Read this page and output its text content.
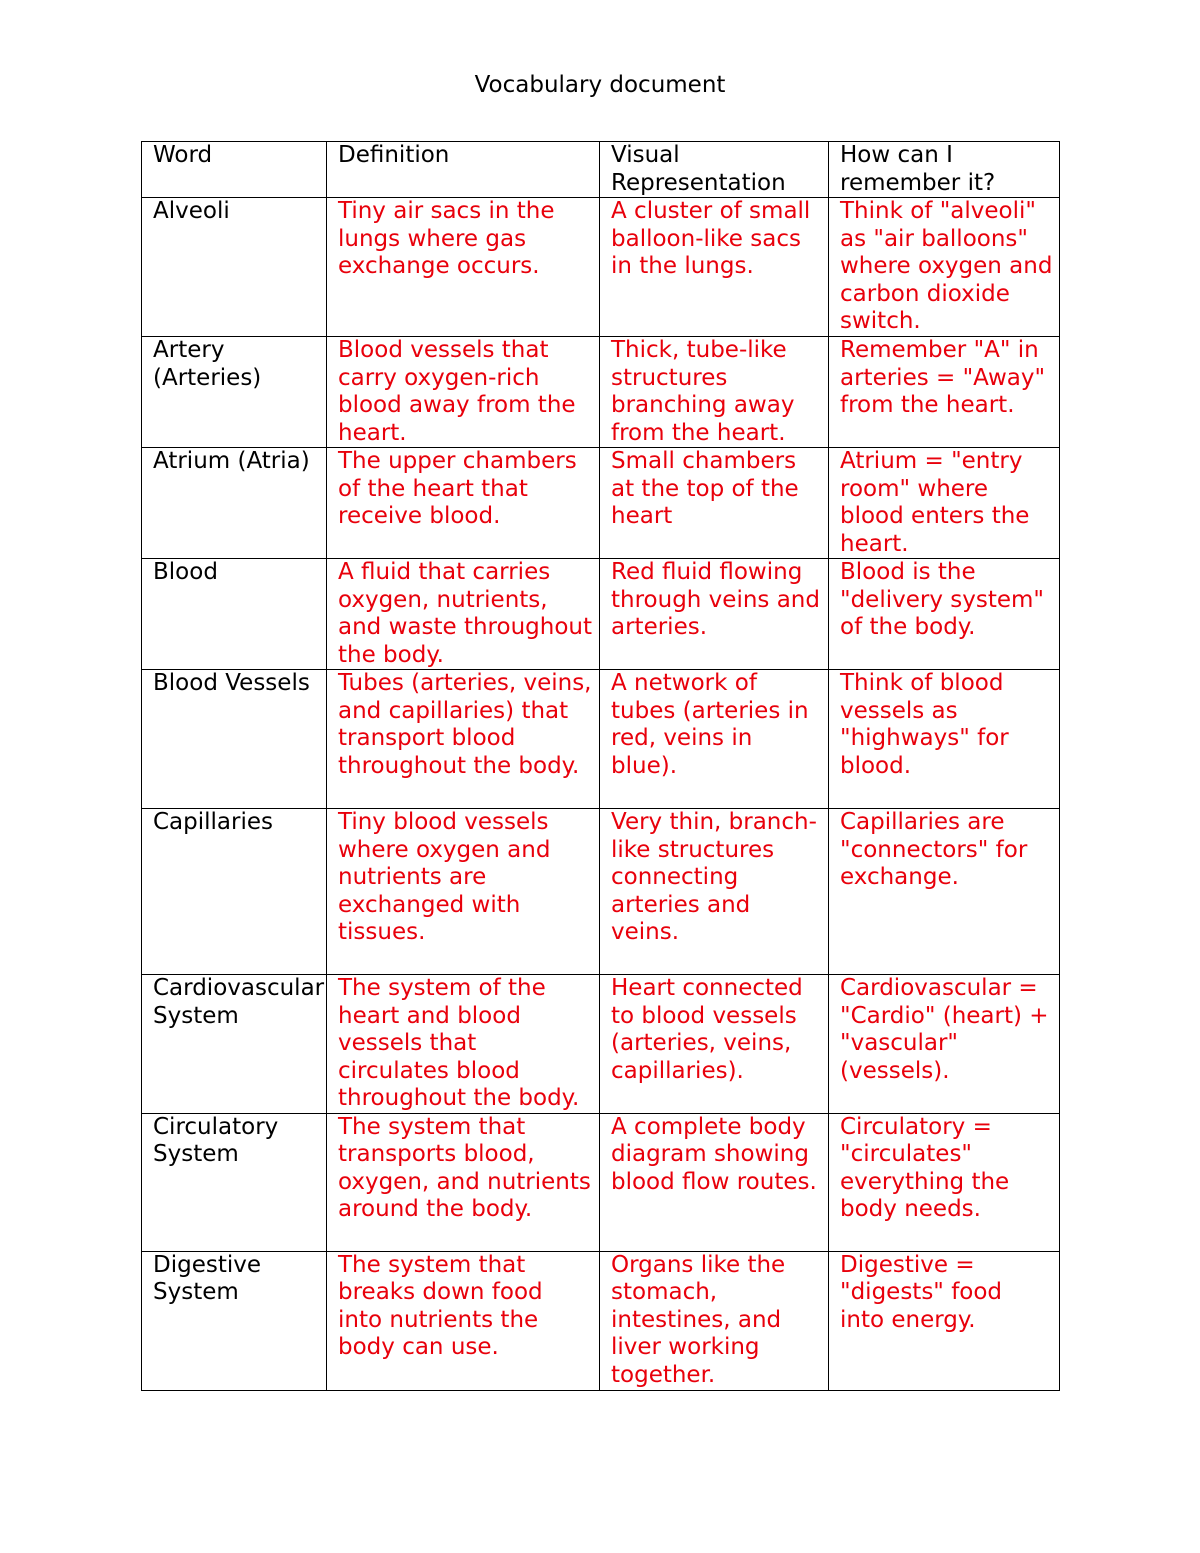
Vocabulary document
Word	Definition	Visual Representation	How can I remember it?
Alveoli	Tiny air sacs in the lungs where gas exchange occurs.	A cluster of small balloon-like sacs in the lungs.	Think of "alveoli" as "air balloons" where oxygen and carbon dioxide switch.
Artery (Arteries)	Blood vessels that carry oxygen-rich blood away from the heart.	Thick, tube-like structures branching away from the heart.	Remember "A" in arteries = "Away" from the heart.
Atrium (Atria)	The upper chambers of the heart that receive blood.	Small chambers at the top of the heart	Atrium = "entry room" where blood enters the heart.
Blood	A fluid that carries oxygen, nutrients, and waste throughout the body.	Red fluid flowing through veins and arteries.	Blood is the "delivery system" of the body.
Blood Vessels	Tubes (arteries, veins, and capillaries) that transport blood throughout the body.	A network of tubes (arteries in red, veins in blue).	Think of blood vessels as "highways" for blood.
Capillaries	Tiny blood vessels where oxygen and nutrients are exchanged with tissues.	Very thin, branch-like structures connecting arteries and veins.	Capillaries are "connectors" for exchange.
Cardiovascular System	The system of the heart and blood vessels that circulates blood throughout the body.	Heart connected to blood vessels (arteries, veins, capillaries).	Cardiovascular = "Cardio" (heart) + "vascular" (vessels).
Circulatory System	The system that transports blood, oxygen, and nutrients around the body.	A complete body diagram showing blood flow routes.	Circulatory = "circulates" everything the body needs.
Digestive System	The system that breaks down food into nutrients the body can use.	Organs like the stomach, intestines, and liver working together.	Digestive = "digests" food into energy.
